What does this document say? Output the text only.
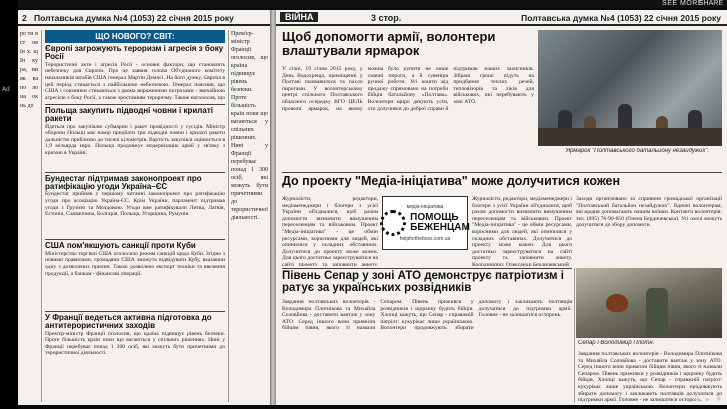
Ad
SEE MORE
SHARE
2 Полтавська думка №4 (1053) 22 січня 2015 року
ро ти в ст ов їн х. щ Ін ку ра, ни як ва по ло на ок нь до
ЩО НОВОГО? СВІТ:
Європі загрожують тероризм і агресія з боку Росії
Терористичні акти і агресія Росії - основні фактори, що становлять небезпеку для Європи. Про це заявив голова Об'єднаного комітету начальників штабів США генерал Мартін Демпсі. На його думку, Європа в цей період стикається з найбільшою небезпекою. Генерал пояснив, що США і союзники стикаються з двома вираженими погрозами - звичайною агресією з боку Росії, а також зростанням тероризму. Також наголосив, що
Польща закупить підводні човни і крилаті ракети
Йдеться про закупівлю субмарин і ракет провідності у сусідів. Міністр оборони Польщі має намір придбати три підводні човни і крилаті ракети дальністю приблизно до тисячі кілометрів. Вартість закупівлі оцінюється в 1,9 мільярда євро. Польща продовжує модернізацію армії у зв'язку з кризою в Україні.
Бундестаг підтримав законопроект про ратифікацію угоди Україна–ЄС
Бундестаг прийняв у першому читанні законопроект про ратифікацію угоди про асоціацію Україна-ЄС. Крім України, парламент підтримав угоди з Грузією та Молдовою. Угоди вже ратифікували Литва, Латвія, Естонія, Словаччина, Болгарія, Польща, Угорщина, Румунія.
США пом'якшують санкції проти Куби
Міністерство торгівлі США оголосило режим санкцій щодо Куби. Згідно з новими правилами, громадяни США зможуть відвідувати Кубу, вказавши одну з дозволених причин. Також дозволено експорт техніки та ввезення продукції, а банкам - фінансові операції.
У Франції ведеться активна підготовка до антитерористичних заходів
Прем'єр-міністр Франції оголосив, що країна підвищує рівень безпеки. Проте більшість країн поки що вагаються у спільних рішеннях. Нині у Франції перебуває понад 1 300 осіб, які можуть бути причетними до терористичної діяльності.
Прем'єр-міністр Франції оголосив, що країна підвищує рівень безпеки. Проте більшість країн поки що вагаються у спільних рішеннях. Нині у Франції перебуває понад 1 300 осіб, які можуть бути причетними до терористичної діяльності.
ВІЙНА	3 стор.	Полтавська думка №4 (1053) 22 січня 2015 року
Щоб допомогти армії, волонтери влаштували ярмарок
У січні, 19 січня 2015 року, у День Водохреща, приміщенні у Полтаві пожвавилося та пахло пирогами. У волонтерському центрі спільного Полтавського обласного осередку ВГО ЦЕЛЬ провели ярмарок, на якому можна було купити не лише смачні пироги, а й сувеніри ручної роботи. Усі кошти від продажу спрямовано на потреби бійців батальйону «Полтава». Волонтери щиро дякують усім, хто долучився до доброї справи й підтримав наших захисників. Зібрані гроші підуть на придбання теплих речей, тепловізорів та ліків для військових, які перебувають у зоні АТО.
Ярмарок "Полтавського батальйону незайдужих".
До проекту "Медіа-ініціатива" може долучитися кожен
Журналісти, редактори, медіаменеджери і блогери з усієї України об'єдналися, щоб разом допомогти визначити вимушеним переселенцям та військовим. Проект "Медіа-ініціатива" - це обмін ресурсами, корисними для людей, які опинилися у складних обставинах. Долучитися до проекту може кожен. Для цього достатньо зареєструватися на сайті проекту та заповнити анкету.
медіа-ініціатива
ПОМОЩЬ
БЕЖЕНЦАМ
helpfortheboss.com.ua
Журналісти, редактори, медіаменеджери і блогери з усієї України об'єдналися, щоб разом допомогти визначити вимушеним переселенцям та військовим. Проект "Медіа-ініціатива" - це обмін ресурсами, корисними для людей, які опинилися у складних обставинах. Долучитися до проекту може кожен. Для цього достатньо зареєструватися на сайті проекту та заповнити анкету. Координатор: Олександр Бердичевський.
Заходи організовано за сприяння громадської організації "Полтавський батальйон незайдужих". Вдячні волонтерам, які щодня допомагають нашим воїнам. Контакти волонтерів: тел. (095) 76-90-850 (Олена Бердичевська). Усі охочі можуть долучитися до збору допомоги.
Півень Сепар у зоні АТО демонструє патріотизм і ратує за українських розвідників
Завдання полтавських волонтерів - Володимира Плотнікова та Михайла Соловйова - доставити вантаж у зону АТО. Серед іншого вони привезли бійцям півня, якого ті назвали Сепаром. Півень прижився у розвідників і щоранку будить бійців. Хлопці кажуть, що Сепар - справжній патріот: кукурікає лише українською. Волонтери продовжують збирати допомогу і закликають полтавців долучатися до підтримки армії. Головне - не залишатися осторонь.
Сепар і Володимир Плотн.
Завдання полтавських волонтерів - Володимира Плотнікова та Михайла Соловйова - доставити вантаж у зону АТО. Серед іншого вони привезли бійцям півня, якого ті назвали Сепаром. Півень прижився у розвідників і щоранку будить бійців. Хлопці кажуть, що Сепар - справжній патріот: кукурікає лише українською. Волонтери продовжують збирати допомогу і закликають полтавців долучатися до підтримки армії. Головне - не залишатися осторонь.
◂ ▸ ▾
